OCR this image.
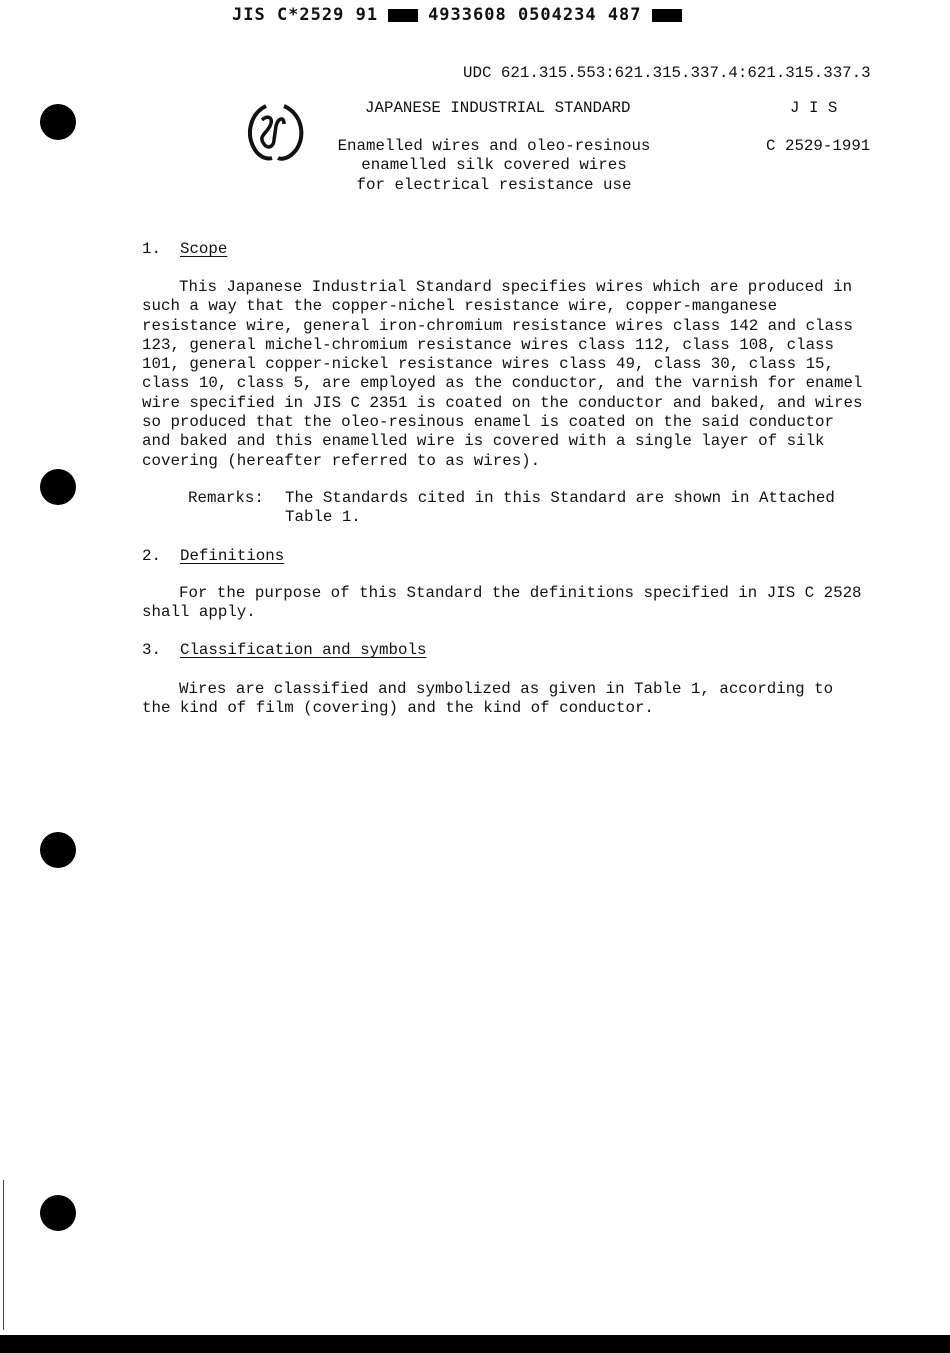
JIS C*2529 91	4933608 0504234 487
UDC 621.315.553:621.315.337.4:621.315.337.3
JAPANESE INDUSTRIAL STANDARD	J I S
Enamelled wires and oleo-resinous
enamelled silk covered wires
for electrical resistance use
C 2529-1991
1. Scope
This Japanese Industrial Standard specifies wires which are produced in
such a way that the copper-nichel resistance wire, copper-manganese
resistance wire, general iron-chromium resistance wires class 142 and class
123, general michel-chromium resistance wires class 112, class 108, class
101, general copper-nickel resistance wires class 49, class 30, class 15,
class 10, class 5, are employed as the conductor, and the varnish for enamel
wire specified in JIS C 2351 is coated on the conductor and baked, and wires
so produced that the oleo-resinous enamel is coated on the said conductor
and baked and this enamelled wire is covered with a single layer of silk
covering (hereafter referred to as wires).
Remarks: The Standards cited in this Standard are shown in Attached
Table 1.
2. Definitions
For the purpose of this Standard the definitions specified in JIS C 2528
shall apply.
3. Classification and symbols
Wires are classified and symbolized as given in Table 1, according to
the kind of film (covering) and the kind of conductor.
